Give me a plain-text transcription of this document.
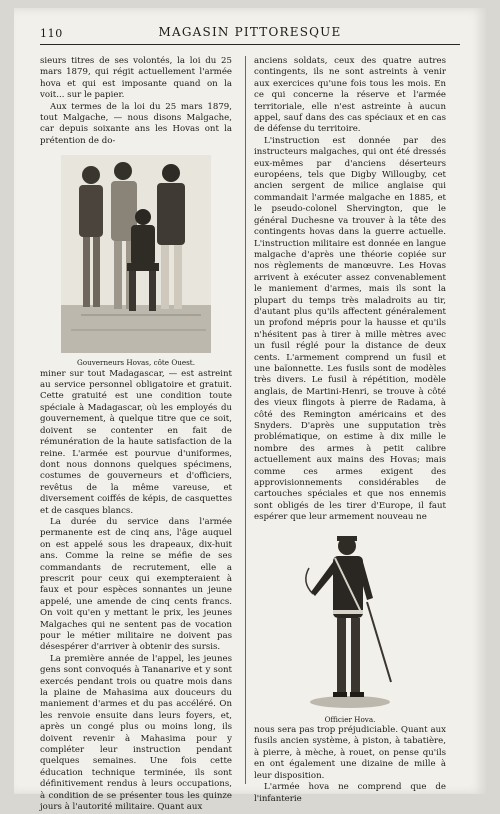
110	MAGASIN PITTORESQUE

sieurs titres de ses volontés, la loi du 25 mars 1879, qui régit actuellement l'armée hova et qui est imposante quand on la voit... sur le papier.

Aux termes de la loi du 25 mars 1879, tout Malgache, — nous disons Malgache, car depuis soixante ans les Hovas ont la prétention de do-

Gouverneurs Hovas, côte Ouest.

miner sur tout Madagascar, — est astreint au service personnel obligatoire et gratuit. Cette gratuité est une condition toute spéciale à Madagascar, où les employés du gouvernement, à quelque titre que ce soit, doivent se contenter en fait de rémunération de la haute satisfaction de la reine. L'armée est pourvue d'uniformes, dont nous donnons quelques spécimens, costumes de gouverneurs et d'officiers, revêtus de la même vareuse, et diversement coiffés de képis, de casquettes et de casques blancs.

La durée du service dans l'armée permanente est de cinq ans, l'âge auquel on est appelé sous les drapeaux, dix-huit ans. Comme la reine se méfie de ses commandants de recrutement, elle a prescrit pour ceux qui exempteraient à faux et pour espèces sonnantes un jeune appelé, une amende de cinq cents francs. On voit qu'en y mettant le prix, les jeunes Malgaches qui ne sentent pas de vocation pour le métier militaire ne doivent pas désespérer d'arriver à obtenir des sursis.

La première année de l'appel, les jeunes gens sont convoqués à Tananarive et y sont exercés pendant trois ou quatre mois dans la plaine de Mahasima aux douceurs du maniement d'armes et du pas accéléré. On les renvoie ensuite dans leurs foyers, et, après un congé plus ou moins long, ils doivent revenir à Mahasima pour y compléter leur instruction pendant quelques semaines. Une fois cette éducation technique terminée, ils sont définitivement rendus à leurs occupations, à condition de se présenter tous les quinze jours à l'autorité militaire. Quant aux

anciens soldats, ceux des quatre autres contingents, ils ne sont astreints à venir aux exercices qu'une fois tous les mois. En ce qui concerne la réserve et l'armée territoriale, elle n'est astreinte à aucun appel, sauf dans des cas spéciaux et en cas de défense du territoire.

L'instruction est donnée par des instructeurs malgaches, qui ont été dressés eux-mêmes par d'anciens déserteurs européens, tels que Digby Willougby, cet ancien sergent de milice anglaise qui commandait l'armée malgache en 1885, et le pseudo-colonel Shervington, que le général Duchesne va trouver à la tête des contingents hovas dans la guerre actuelle. L'instruction militaire est donnée en langue malgache d'après une théorie copiée sur nos règlements de manœuvre. Les Hovas arrivent à exécuter assez convenablement le maniement d'armes, mais ils sont la plupart du temps très maladroits au tir, d'autant plus qu'ils affectent généralement un profond mépris pour la hausse et qu'ils n'hésitent pas à tirer à mille mètres avec un fusil réglé pour la distance de deux cents. L'armement comprend un fusil et une baïonnette. Les fusils sont de modèles très divers. Le fusil à répétition, modèle anglais, de Martini-Henri, se trouve à côté des vieux flingots à pierre de Radama, à côté des Remington américains et des Snyders. D'après une supputation très problématique, on estime à dix mille le nombre des armes à petit calibre actuellement aux mains des Hovas; mais comme ces armes exigent des approvisionnements considérables de cartouches spéciales et que nos ennemis sont obligés de les tirer d'Europe, il faut espérer que leur armement nouveau ne

Officier Hova.

nous sera pas trop préjudiciable. Quant aux fusils ancien système, à piston, à tabatière, à pierre, à mèche, à rouet, on pense qu'ils en ont également une dizaine de mille à leur disposition.

L'armée hova ne comprend que de l'infanterie
